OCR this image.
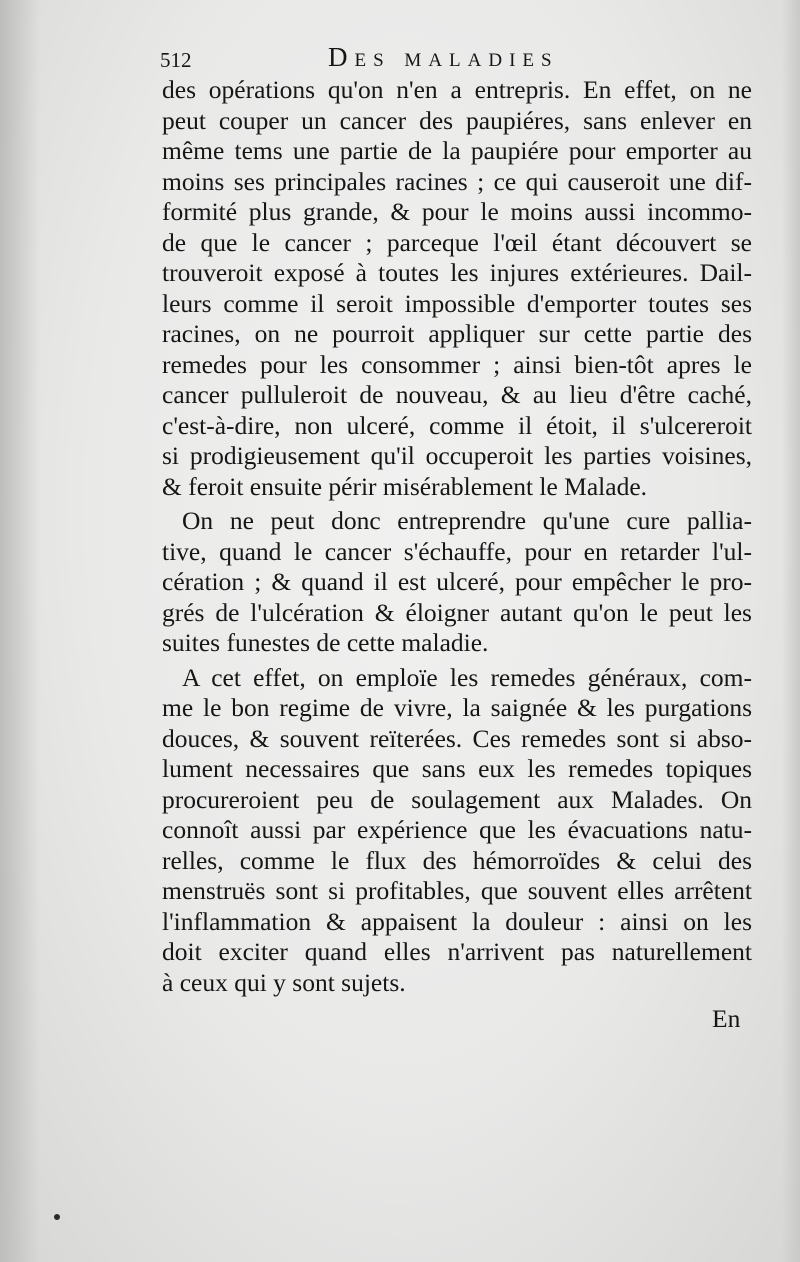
512	Des maladies
des opérations qu'on n'en a entrepris. En effet, on ne
peut couper un cancer des paupiéres, sans enlever en
même tems une partie de la paupiére pour emporter au
moins ses principales racines ; ce qui causeroit une dif-
formité plus grande, & pour le moins aussi incommo-
de que le cancer ; parceque l'œil étant découvert se
trouveroit exposé à toutes les injures extérieures. Dail-
leurs comme il seroit impossible d'emporter toutes ses
racines, on ne pourroit appliquer sur cette partie des
remedes pour les consommer ; ainsi bien-tôt apres le
cancer pulluleroit de nouveau, & au lieu d'être caché,
c'est-à-dire, non ulceré, comme il étoit, il s'ulcereroit
si prodigieusement qu'il occuperoit les parties voisines,
& feroit ensuite périr misérablement le Malade.
On ne peut donc entreprendre qu'une cure pallia-
tive, quand le cancer s'échauffe, pour en retarder l'ul-
cération ; & quand il est ulceré, pour empêcher le pro-
grés de l'ulcération & éloigner autant qu'on le peut les
suites funestes de cette maladie.
A cet effet, on emploïe les remedes généraux, com-
me le bon regime de vivre, la saignée & les purgations
douces, & souvent reïterées. Ces remedes sont si abso-
lument necessaires que sans eux les remedes topiques
procureroient peu de soulagement aux Malades. On
connoît aussi par expérience que les évacuations natu-
relles, comme le flux des hémorroïdes & celui des
menstruës sont si profitables, que souvent elles arrêtent
l'inflammation & appaisent la douleur : ainsi on les
doit exciter quand elles n'arrivent pas naturellement
à ceux qui y sont sujets.
En
